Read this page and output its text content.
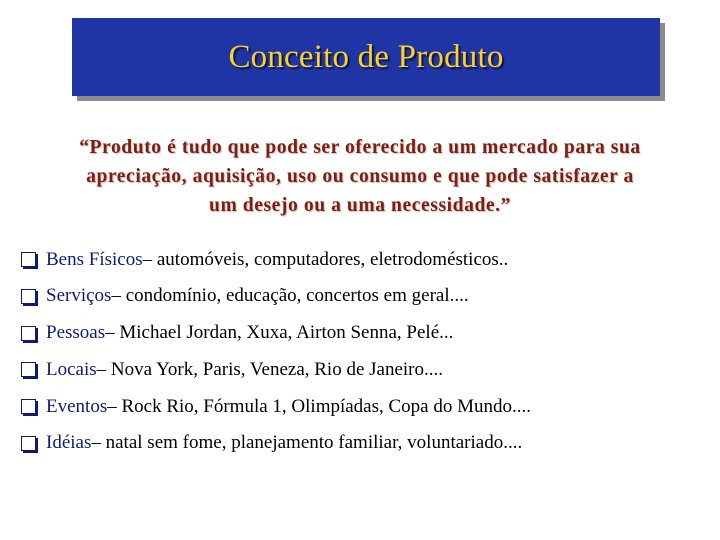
Conceito de Produto
“Produto é tudo que pode ser oferecido a um mercado para sua
apreciação, aquisição, uso ou consumo e que pode satisfazer a
um desejo ou a uma necessidade.”
Bens Físicos – automóveis, computadores, eletrodomésticos..
Serviços – condomínio, educação, concertos em geral....
Pessoas – Michael Jordan, Xuxa, Airton Senna, Pelé...
Locais – Nova York, Paris, Veneza, Rio de Janeiro....
Eventos – Rock Rio, Fórmula 1, Olimpíadas, Copa do Mundo....
Idéias – natal sem fome, planejamento familiar, voluntariado....
